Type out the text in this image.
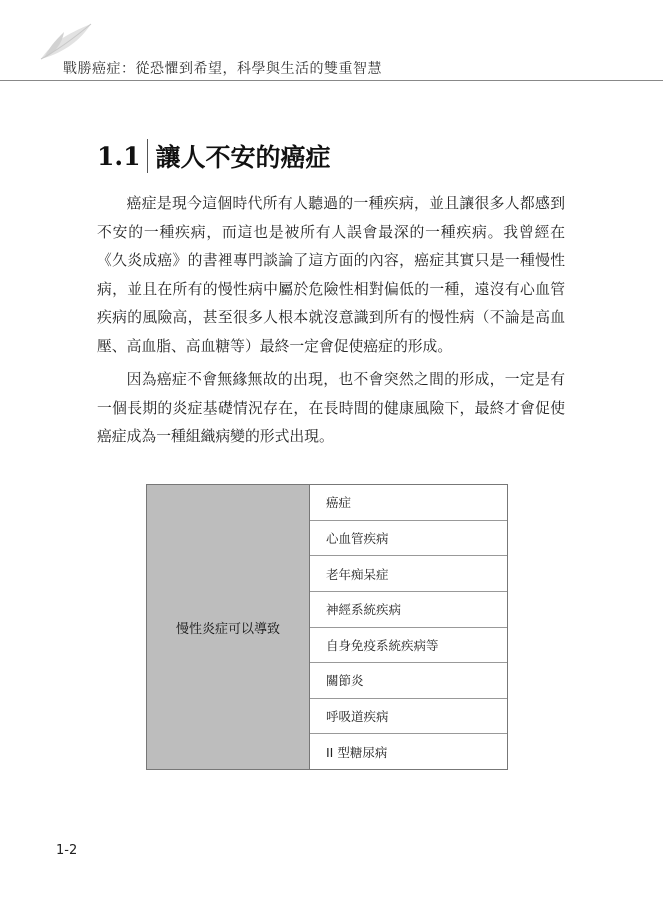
戰勝癌症：從恐懼到希望，科學與生活的雙重智慧
1.1 讓人不安的癌症

癌症是現今這個時代所有人聽過的一種疾病，並且讓很多人都感到不安的一種疾病，而這也是被所有人誤會最深的一種疾病。我曾經在《久炎成癌》的書裡專門談論了這方面的內容，癌症其實只是一種慢性病，並且在所有的慢性病中屬於危險性相對偏低的一種，遠沒有心血管疾病的風險高，甚至很多人根本就沒意識到所有的慢性病（不論是高血壓、高血脂、高血糖等）最終一定會促使癌症的形成。

因為癌症不會無緣無故的出現，也不會突然之間的形成，一定是有一個長期的炎症基礎情況存在，在長時間的健康風險下，最終才會促使癌症成為一種組織病變的形式出現。

慢性炎症可以導致
癌症
心血管疾病
老年痴呆症
神經系統疾病
自身免疫系統疾病等
關節炎
呼吸道疾病
II 型糖尿病
1-2
